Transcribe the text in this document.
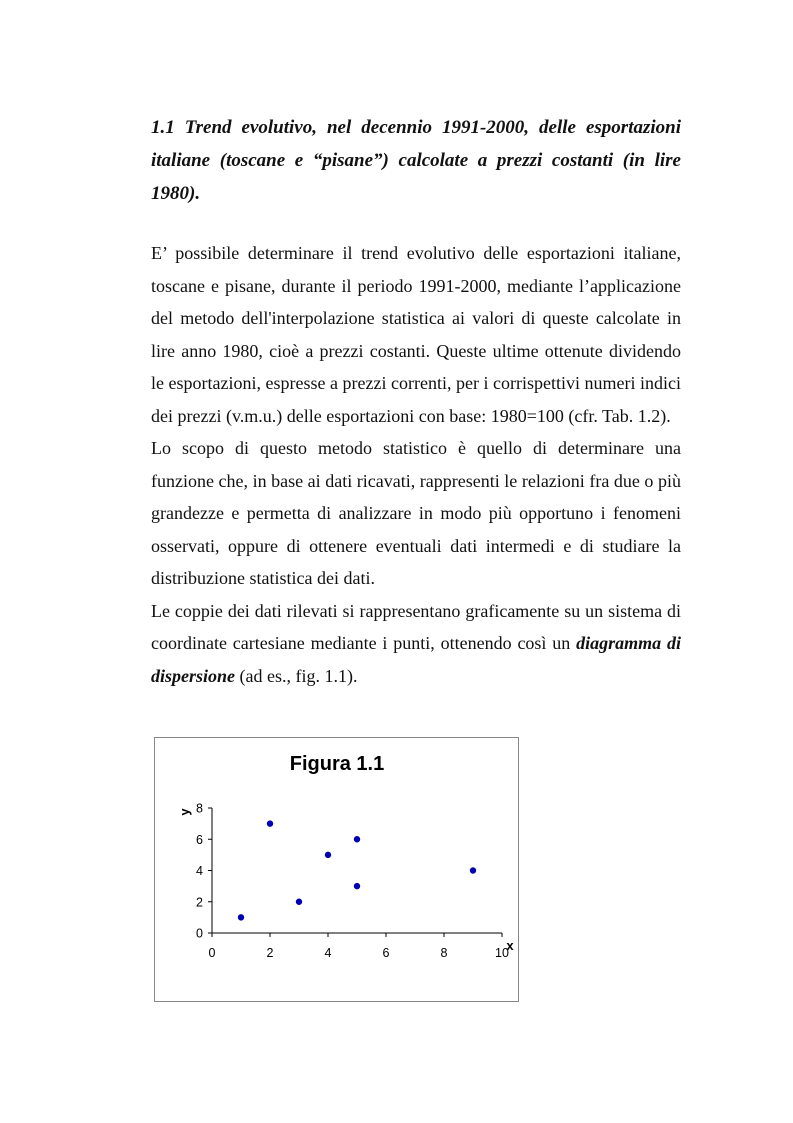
1.1 Trend evolutivo, nel decennio 1991-2000, delle esportazioni italiane (toscane e “pisane”) calcolate a prezzi costanti (in lire 1980).

E’ possibile determinare il trend evolutivo delle esportazioni italiane, toscane e pisane, durante il periodo 1991-2000, mediante l’applicazione del metodo dell'interpolazione statistica ai valori di queste calcolate in lire anno 1980, cioè a prezzi costanti. Queste ultime ottenute dividendo le esportazioni, espresse a prezzi correnti, per i corrispettivi numeri indici dei prezzi (v.m.u.) delle esportazioni con base: 1980=100 (cfr. Tab. 1.2).

Lo scopo di questo metodo statistico è quello di determinare una funzione che, in base ai dati ricavati, rappresenti le relazioni fra due o più grandezze e permetta di analizzare in modo più opportuno i fenomeni osservati, oppure di ottenere eventuali dati intermedi e di studiare la distribuzione statistica dei dati.

Le coppie dei dati rilevati si rappresentano graficamente su un sistema di coordinate cartesiane mediante i punti, ottenendo così un diagramma di dispersione (ad es., fig. 1.1).

Figura 1.1
0
2
4
6
8
0	2	4	6	8	10
y
x
